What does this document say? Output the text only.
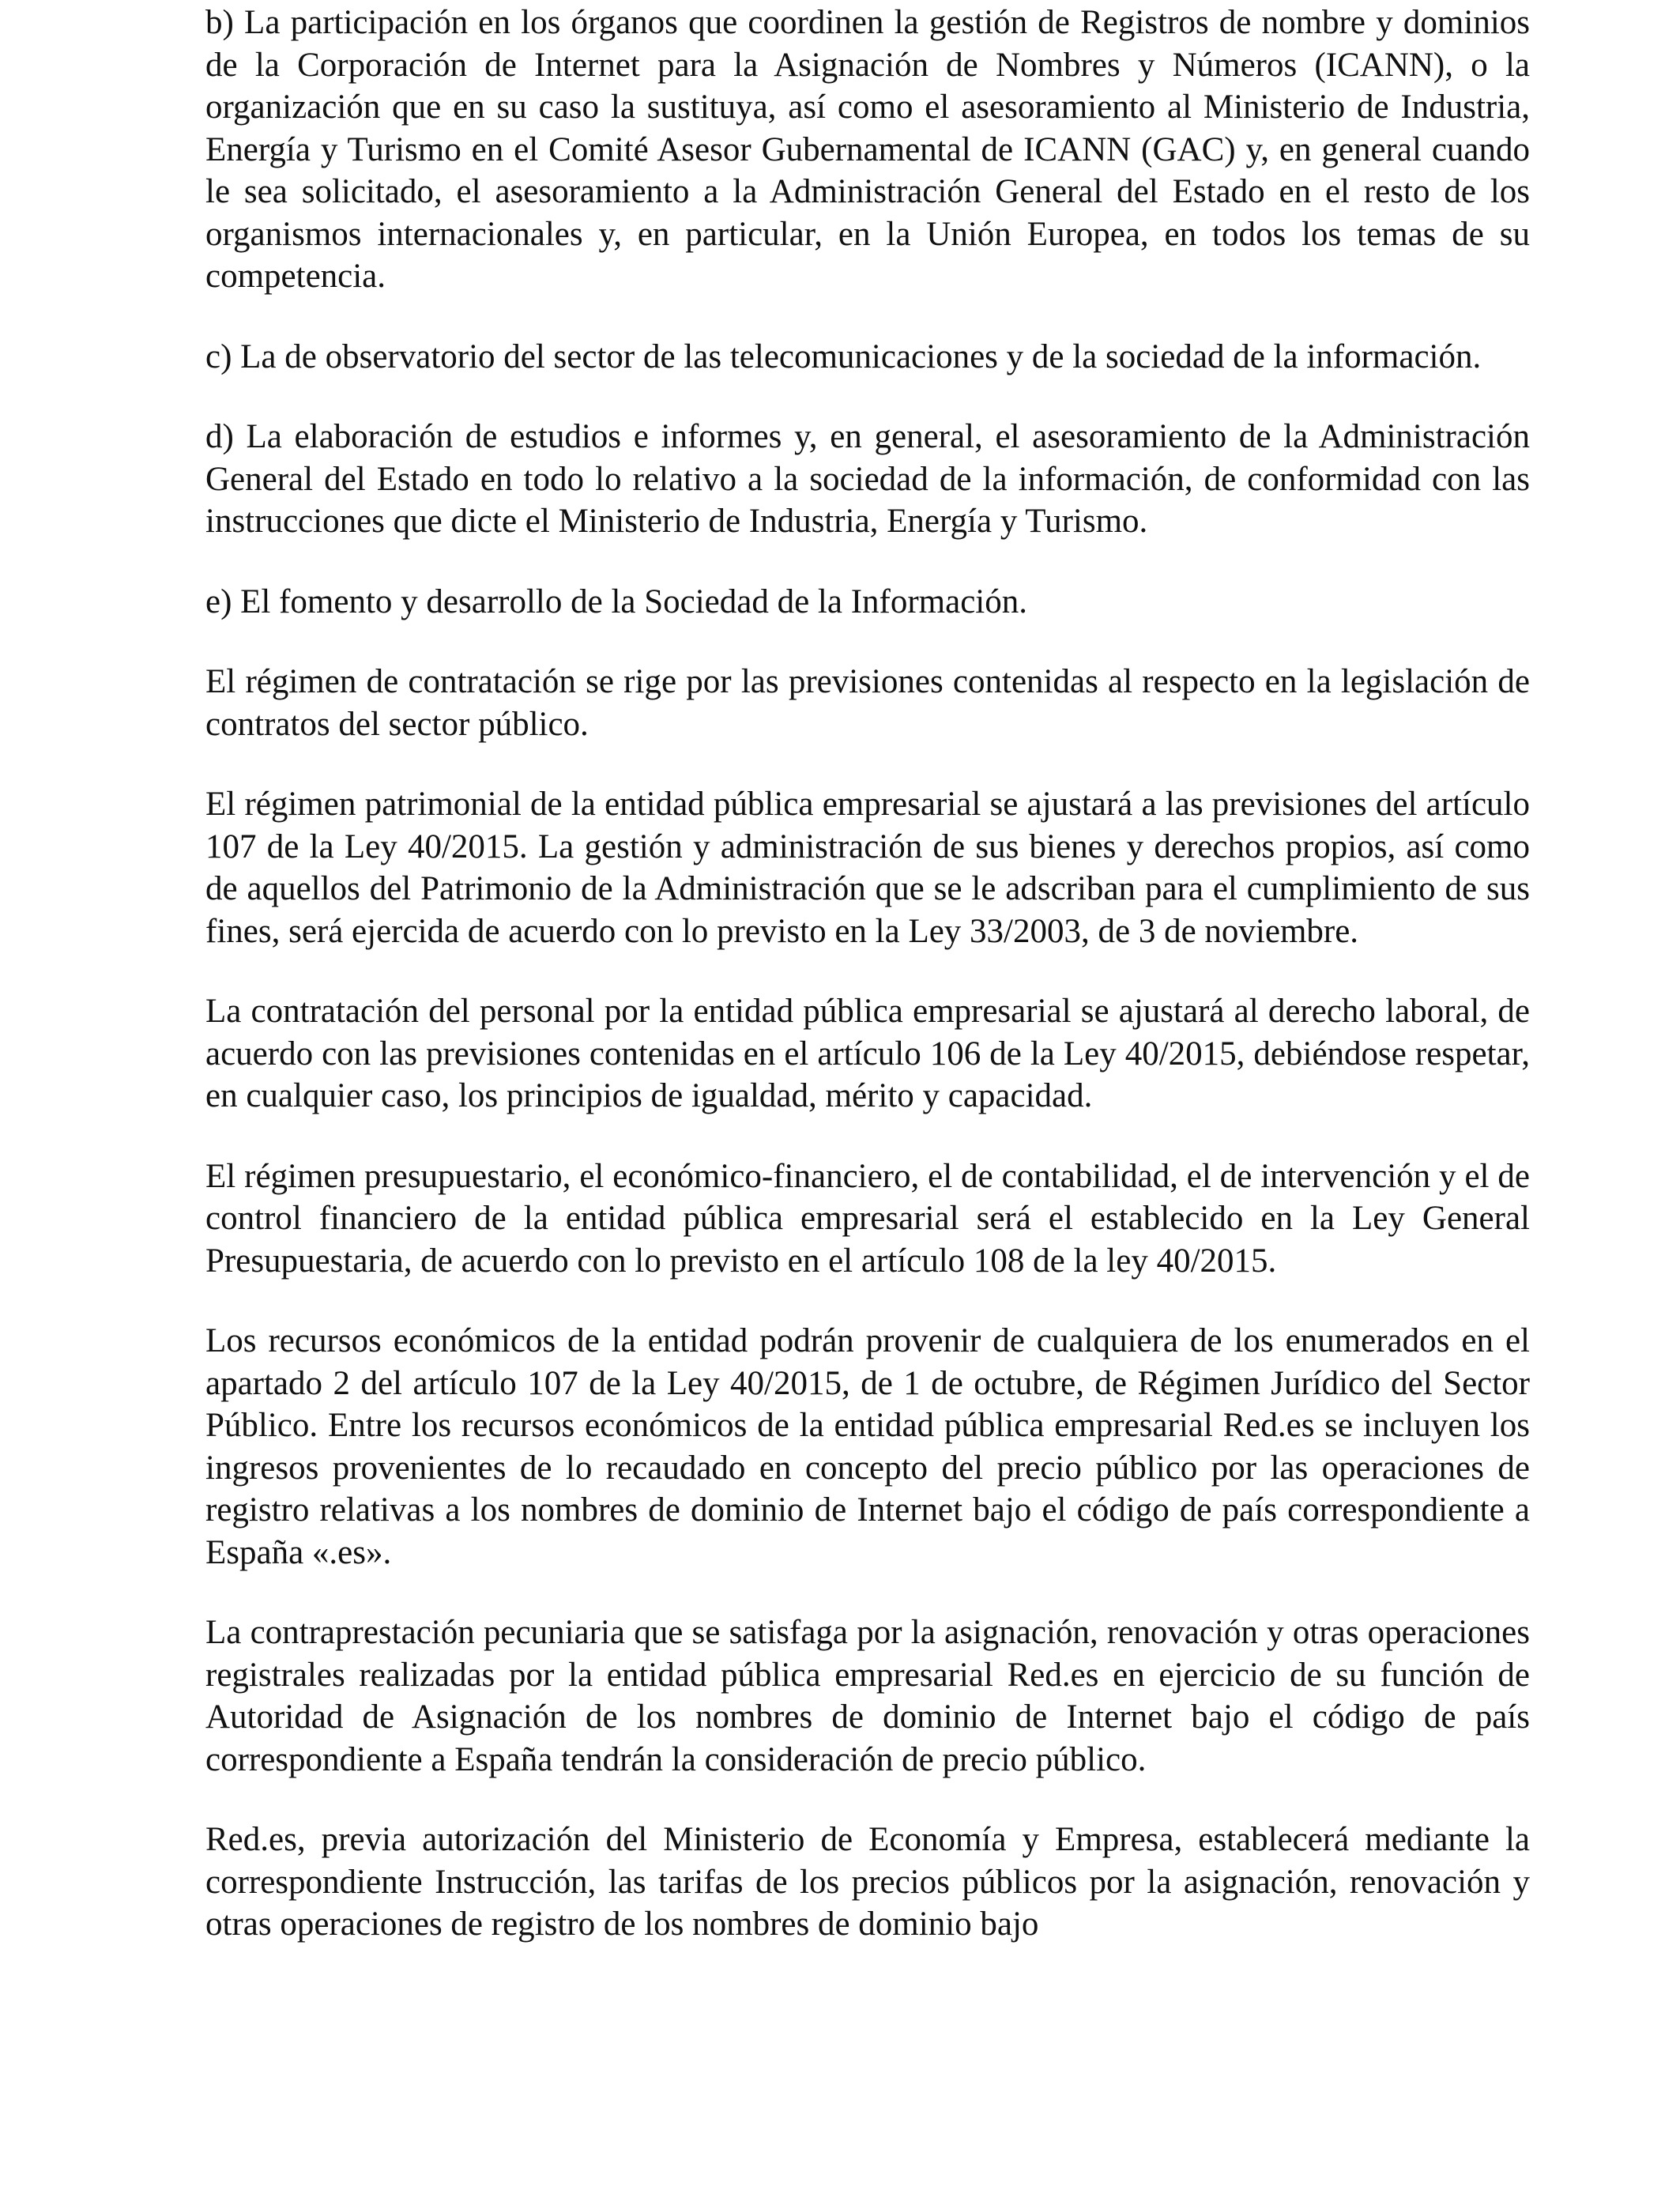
b) La participación en los órganos que coordinen la gestión de Registros de nombre y dominios de la Corporación de Internet para la Asignación de Nombres y Números (ICANN), o la organización que en su caso la sustituya, así como el asesoramiento al Ministerio de Industria, Energía y Turismo en el Comité Asesor Gubernamental de ICANN (GAC) y, en general cuando le sea solicitado, el asesoramiento a la Administración General del Estado en el resto de los organismos internacionales y, en particular, en la Unión Europea, en todos los temas de su competencia.

c) La de observatorio del sector de las telecomunicaciones y de la sociedad de la información.

d) La elaboración de estudios e informes y, en general, el asesoramiento de la Administración General del Estado en todo lo relativo a la sociedad de la información, de conformidad con las instrucciones que dicte el Ministerio de Industria, Energía y Turismo.

e) El fomento y desarrollo de la Sociedad de la Información.

El régimen de contratación se rige por las previsiones contenidas al respecto en la legislación de contratos del sector público.

El régimen patrimonial de la entidad pública empresarial se ajustará a las previsiones del artículo 107 de la Ley 40/2015. La gestión y administración de sus bienes y derechos propios, así como de aquellos del Patrimonio de la Administración que se le adscriban para el cumplimiento de sus fines, será ejercida de acuerdo con lo previsto en la Ley 33/2003, de 3 de noviembre.

La contratación del personal por la entidad pública empresarial se ajustará al derecho laboral, de acuerdo con las previsiones contenidas en el artículo 106 de la Ley 40/2015, debiéndose respetar, en cualquier caso, los principios de igualdad, mérito y capacidad.

El régimen presupuestario, el económico-financiero, el de contabilidad, el de intervención y el de control financiero de la entidad pública empresarial será el establecido en la Ley General Presupuestaria, de acuerdo con lo previsto en el artículo 108 de la ley 40/2015.

Los recursos económicos de la entidad podrán provenir de cualquiera de los enumerados en el apartado 2 del artículo 107 de la Ley 40/2015, de 1 de octubre, de Régimen Jurídico del Sector Público. Entre los recursos económicos de la entidad pública empresarial Red.es se incluyen los ingresos provenientes de lo recaudado en concepto del precio público por las operaciones de registro relativas a los nombres de dominio de Internet bajo el código de país correspondiente a España «.es».

La contraprestación pecuniaria que se satisfaga por la asignación, renovación y otras operaciones registrales realizadas por la entidad pública empresarial Red.es en ejercicio de su función de Autoridad de Asignación de los nombres de dominio de Internet bajo el código de país correspondiente a España tendrán la consideración de precio público.

Red.es, previa autorización del Ministerio de Economía y Empresa, establecerá mediante la correspondiente Instrucción, las tarifas de los precios públicos por la asignación, renovación y otras operaciones de registro de los nombres de dominio bajo
